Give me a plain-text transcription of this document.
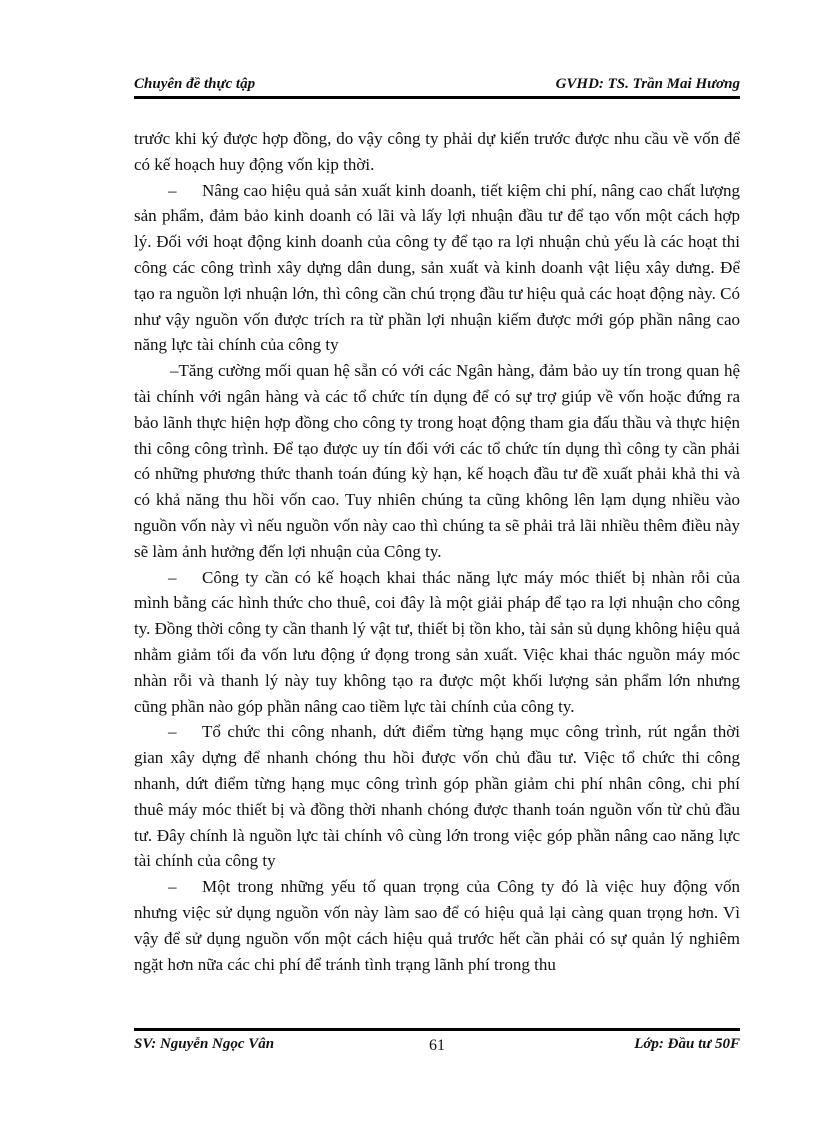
Chuyên đề thực tập	GVHD: TS. Trần Mai Hương

trước khi ký được hợp đồng, do vậy công ty phải dự kiến trước được nhu cầu về vốn để có kế hoạch huy động vốn kịp thời.

– Nâng cao hiệu quả sản xuất kinh doanh, tiết kiệm chi phí, nâng cao chất lượng sản phẩm, đảm bảo kinh doanh có lãi và lấy lợi nhuận đầu tư để tạo vốn một cách hợp lý. Đối với hoạt động kinh doanh của công ty để tạo ra lợi nhuận chủ yếu là các hoạt thi công các công trình xây dựng dân dung, sản xuất và kinh doanh vật liệu xây dưng. Để tạo ra nguồn lợi nhuận lớn, thì công cần chú trọng đầu tư hiệu quả các hoạt động này. Có như vậy nguồn vốn được trích ra từ phần lợi nhuận kiếm được mới góp phần nâng cao năng lực tài chính của công ty

–Tăng cường mối quan hệ sẵn có với các Ngân hàng, đảm bảo uy tín trong quan hệ tài chính với ngân hàng và các tổ chức tín dụng để có sự trợ giúp về vốn hoặc đứng ra bảo lãnh thực hiện hợp đồng cho công ty trong hoạt động tham gia đấu thầu và thực hiện thi công công trình. Để tạo được uy tín đối với các tổ chức tín dụng thì công ty cần phải có những phương thức thanh toán đúng kỳ hạn, kế hoạch đầu tư đề xuất phải khả thi và có khả năng thu hồi vốn cao. Tuy nhiên chúng ta cũng không lên lạm dụng nhiều vào nguồn vốn này vì nếu nguồn vốn này cao thì chúng ta sẽ phải trả lãi nhiều thêm điều này sẽ làm ảnh hưởng đến lợi nhuận của Công ty.

– Công ty cần có kế hoạch khai thác năng lực máy móc thiết bị nhàn rỗi của mình bằng các hình thức cho thuê, coi đây là một giải pháp để tạo ra lợi nhuận cho công ty. Đồng thời công ty cần thanh lý vật tư, thiết bị tồn kho, tài sản sủ dụng không hiệu quả nhằm giảm tối đa vốn lưu động ứ đọng trong sản xuất. Việc khai thác nguồn máy móc nhàn rỗi và thanh lý này tuy không tạo ra được một khối lượng sản phẩm lớn nhưng cũng phần nào góp phần nâng cao tiềm lực tài chính của công ty.

– Tổ chức thi công nhanh, dứt điểm từng hạng mục công trình, rút ngắn thời gian xây dựng để nhanh chóng thu hồi được vốn chủ đầu tư. Việc tổ chức thi công nhanh, dứt điểm từng hạng mục công trình góp phần giảm chi phí nhân công, chi phí thuê máy móc thiết bị và đồng thời nhanh chóng được thanh toán nguồn vốn từ chủ đầu tư. Đây chính là nguồn lực tài chính vô cùng lớn trong việc góp phần nâng cao năng lực tài chính của công ty

– Một trong những yếu tố quan trọng của Công ty đó là việc huy động vốn nhưng việc sử dụng nguồn vốn này làm sao để có hiệu quả lại càng quan trọng hơn. Vì vậy để sử dụng nguồn vốn một cách hiệu quả trước hết cần phải có sự quản lý nghiêm ngặt hơn nữa các chi phí để tránh tình trạng lãnh phí trong thu

SV: Nguyễn Ngọc Vân	61	Lớp: Đầu tư 50F
